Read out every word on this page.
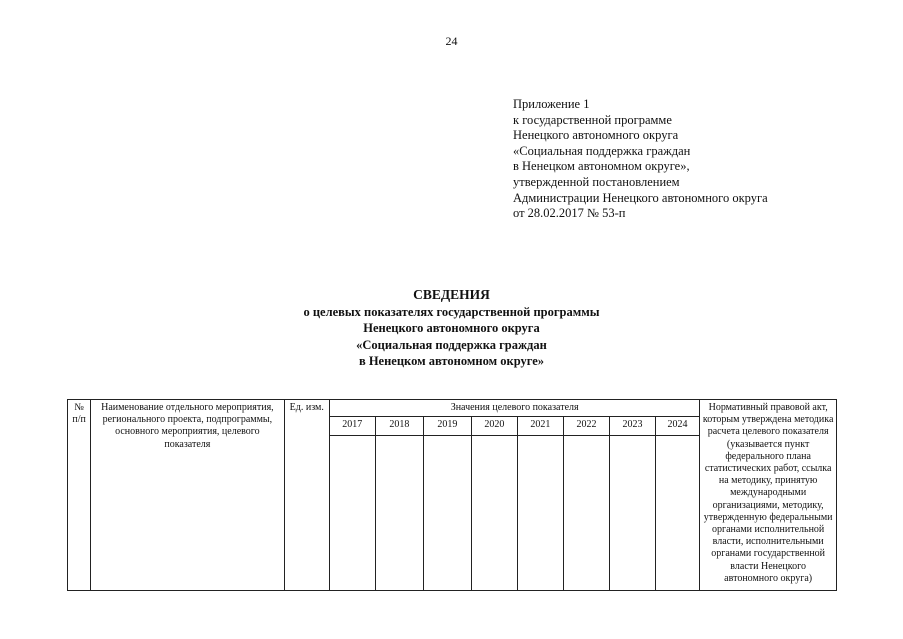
24
Приложение 1
к государственной программе
Ненецкого автономного округа
«Социальная поддержка граждан
в Ненецком автономном округе»,
утвержденной постановлением
Администрации Ненецкого автономного округа
от 28.02.2017 № 53-п
СВЕДЕНИЯ
о целевых показателях государственной программы
Ненецкого автономного округа
«Социальная поддержка граждан
в Ненецком автономном округе»
№ п/п	Наименование отдельного мероприятия, регионального проекта, подпрограммы, основного мероприятия, целевого показателя	Ед. изм.	Значения целевого показателя								Нормативный правовой акт, которым утверждена методика расчета целевого показателя (указывается пункт федерального плана статистических работ, ссылка на методику, принятую международными организациями, методику, утвержденную федеральными органами исполнительной власти, исполнительными органами государственной власти Ненецкого автономного округа)
			2017	2018	2019	2020	2021	2022	2023	2024	
